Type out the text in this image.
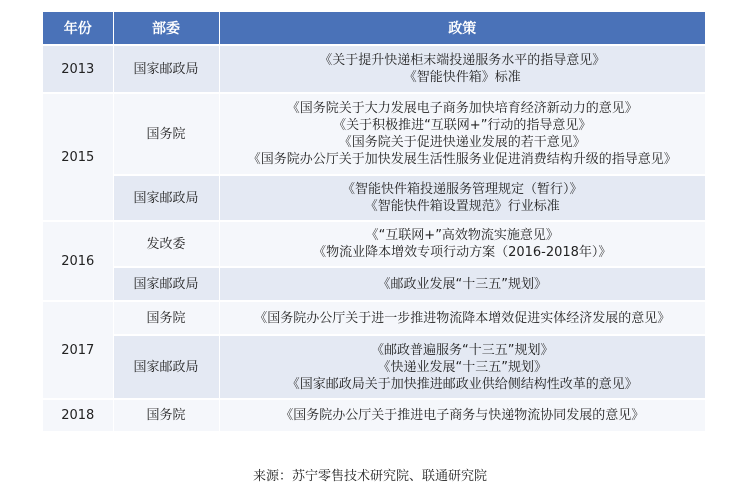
年份	部委	政策
2013	国家邮政局	《关于提升快递柜末端投递服务水平的指导意见》
《智能快件箱》标准

2015	国务院	《国务院关于大力发展电子商务加快培育经济新动力的意见》
《关于积极推进“互联网+”行动的指导意见》
《国务院关于促进快递业发展的若干意见》
《国务院办公厅关于加快发展生活性服务业促进消费结构升级的指导意见》

	国家邮政局	《智能快件箱投递服务管理规定（暂行）》
《智能快件箱设置规范》行业标准

2016	发改委	《“互联网+”高效物流实施意见》
《物流业降本增效专项行动方案（2016-2018年）》

	国家邮政局	《邮政业发展“十三五”规划》

2017	国务院	《国务院办公厅关于进一步推进物流降本增效促进实体经济发展的意见》

	国家邮政局	《邮政普遍服务“十三五”规划》
《快递业发展“十三五”规划》
《国家邮政局关于加快推进邮政业供给侧结构性改革的意见》

2018	国务院	《国务院办公厅关于推进电子商务与快递物流协同发展的意见》
来源：苏宁零售技术研究院、联通研究院
